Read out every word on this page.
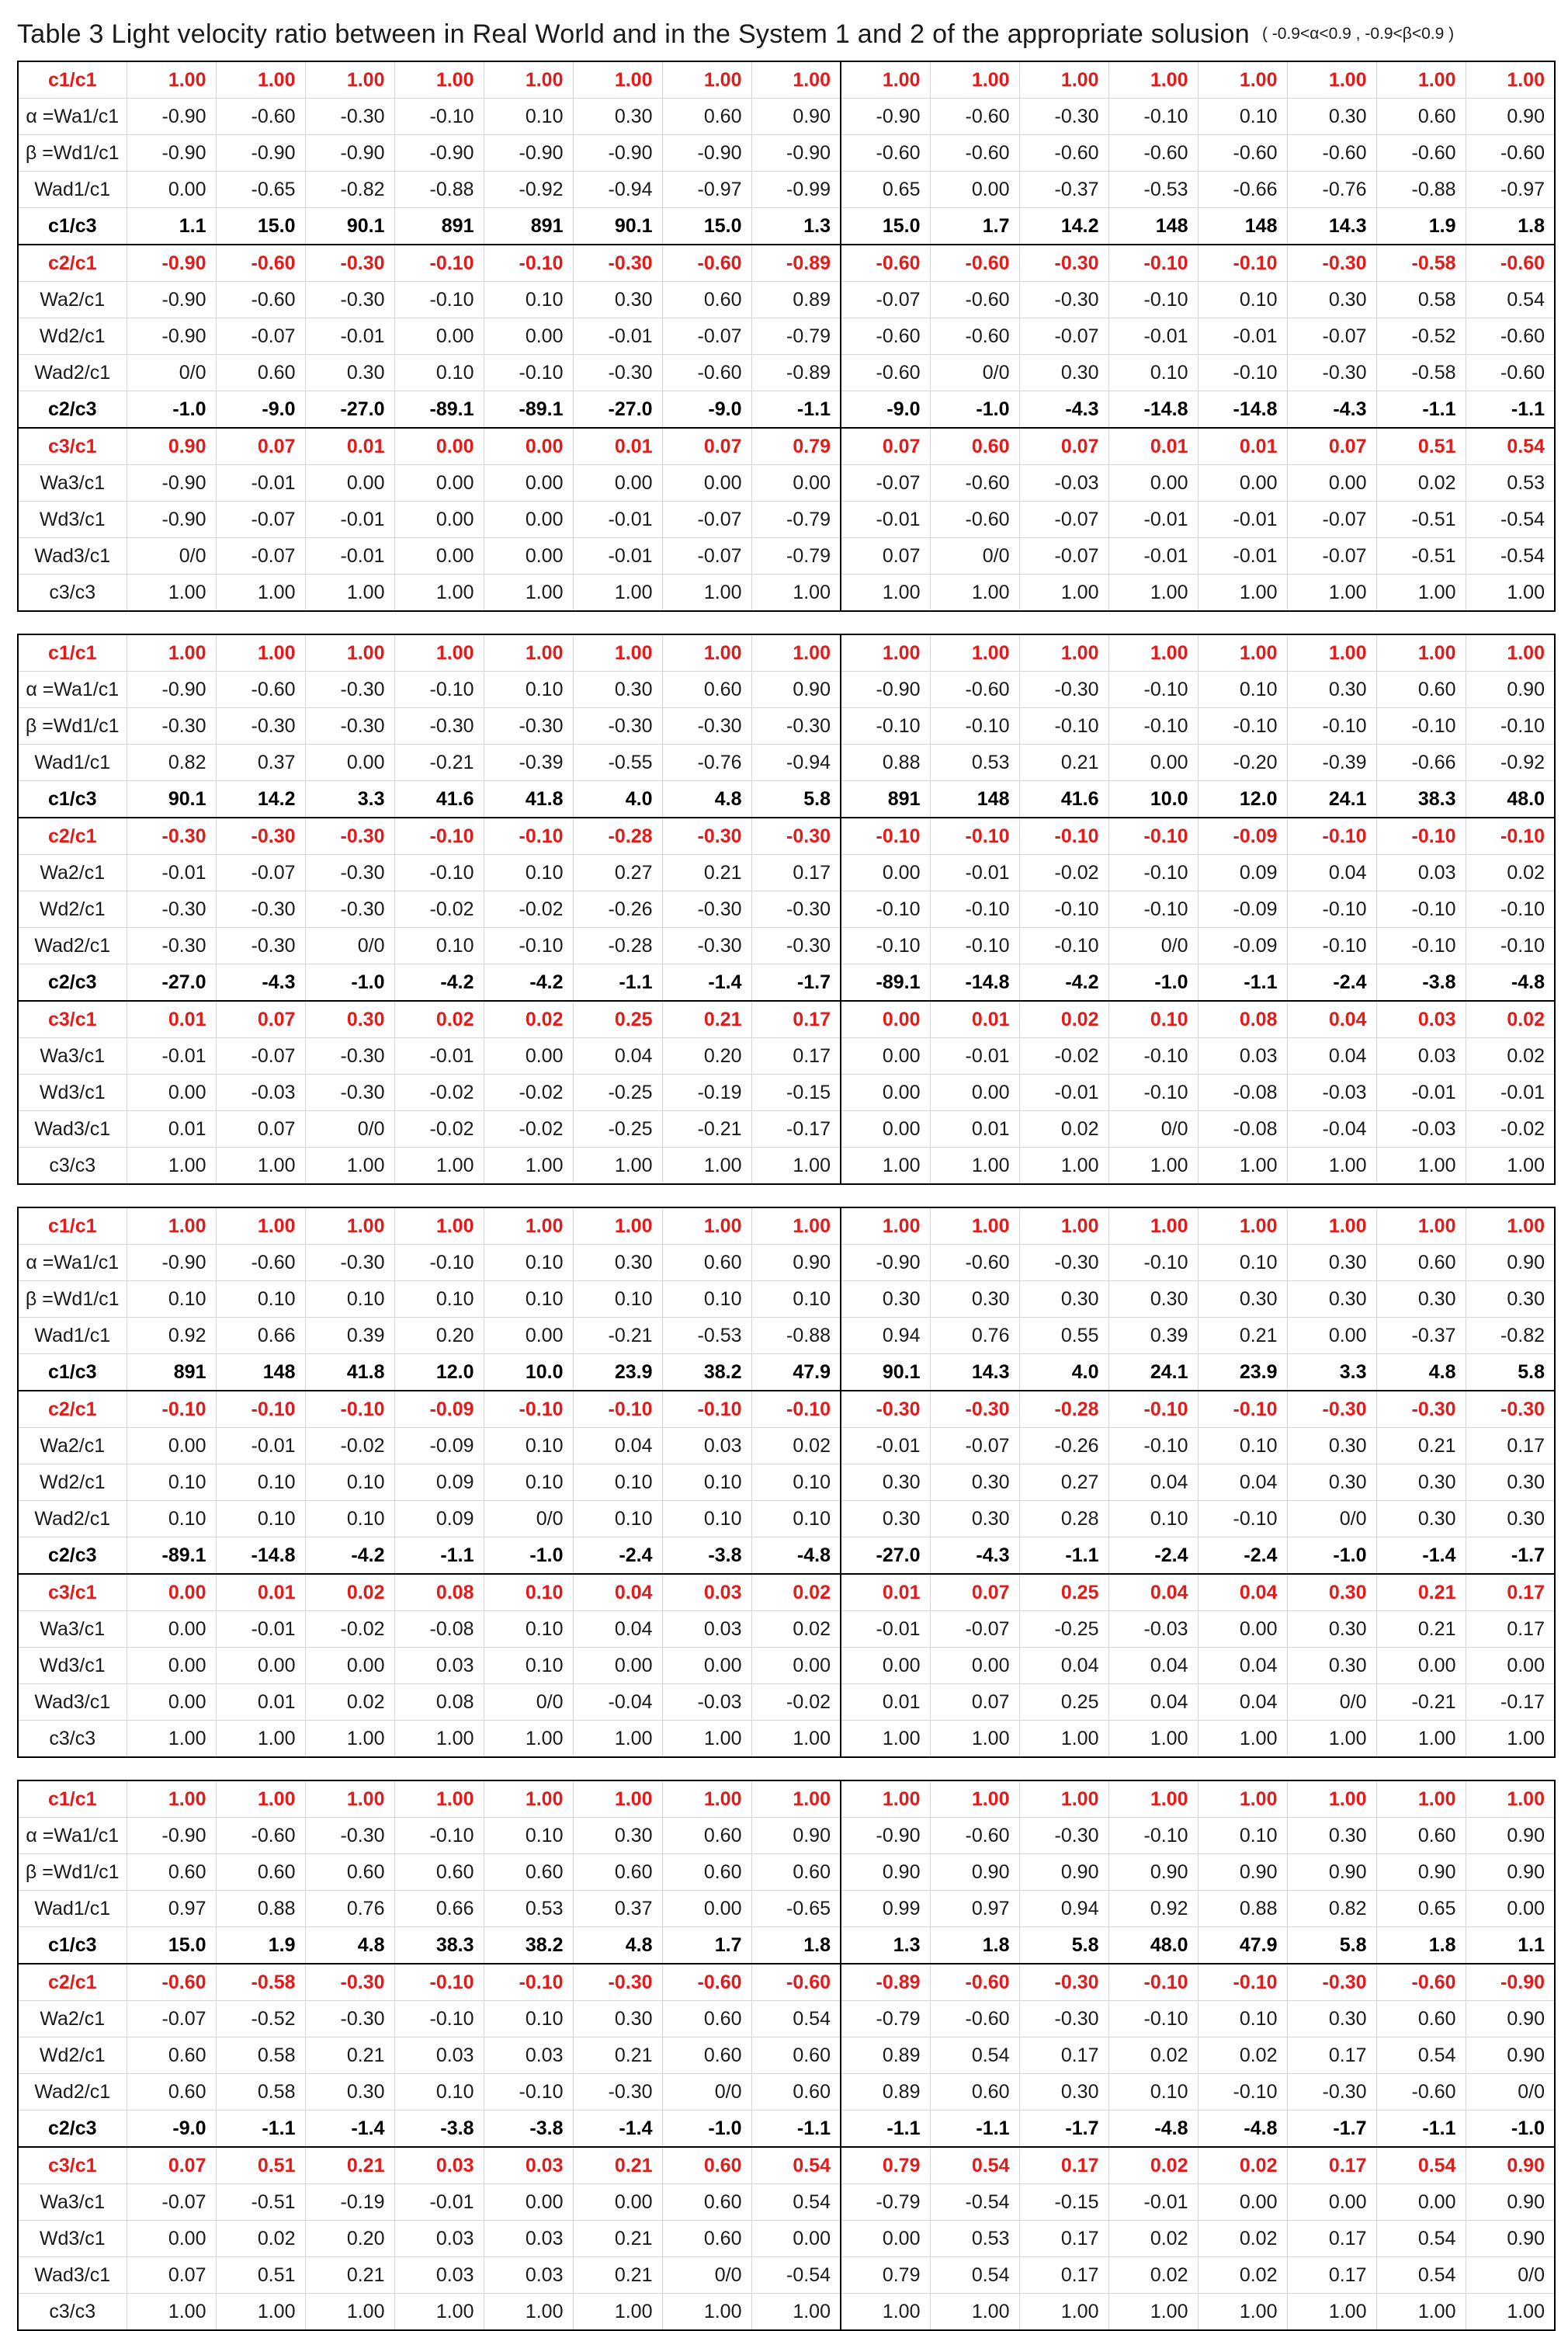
Table 3 Light velocity ratio between in Real World and in the System 1 and 2 of the appropriate solusion ( -0.9<α<0.9 , -0.9<β<0.9 )
c1/c1	1.00	1.00	1.00	1.00	1.00	1.00	1.00	1.00	1.00	1.00	1.00	1.00	1.00	1.00	1.00	1.00
α =Wa1/c1	-0.90	-0.60	-0.30	-0.10	0.10	0.30	0.60	0.90	-0.90	-0.60	-0.30	-0.10	0.10	0.30	0.60	0.90
β =Wd1/c1	-0.90	-0.90	-0.90	-0.90	-0.90	-0.90	-0.90	-0.90	-0.60	-0.60	-0.60	-0.60	-0.60	-0.60	-0.60	-0.60
Wad1/c1	0.00	-0.65	-0.82	-0.88	-0.92	-0.94	-0.97	-0.99	0.65	0.00	-0.37	-0.53	-0.66	-0.76	-0.88	-0.97
c1/c3	1.1	15.0	90.1	891	891	90.1	15.0	1.3	15.0	1.7	14.2	148	148	14.3	1.9	1.8
c2/c1	-0.90	-0.60	-0.30	-0.10	-0.10	-0.30	-0.60	-0.89	-0.60	-0.60	-0.30	-0.10	-0.10	-0.30	-0.58	-0.60
Wa2/c1	-0.90	-0.60	-0.30	-0.10	0.10	0.30	0.60	0.89	-0.07	-0.60	-0.30	-0.10	0.10	0.30	0.58	0.54
Wd2/c1	-0.90	-0.07	-0.01	0.00	0.00	-0.01	-0.07	-0.79	-0.60	-0.60	-0.07	-0.01	-0.01	-0.07	-0.52	-0.60
Wad2/c1	0/0	0.60	0.30	0.10	-0.10	-0.30	-0.60	-0.89	-0.60	0/0	0.30	0.10	-0.10	-0.30	-0.58	-0.60
c2/c3	-1.0	-9.0	-27.0	-89.1	-89.1	-27.0	-9.0	-1.1	-9.0	-1.0	-4.3	-14.8	-14.8	-4.3	-1.1	-1.1
c3/c1	0.90	0.07	0.01	0.00	0.00	0.01	0.07	0.79	0.07	0.60	0.07	0.01	0.01	0.07	0.51	0.54
Wa3/c1	-0.90	-0.01	0.00	0.00	0.00	0.00	0.00	0.00	-0.07	-0.60	-0.03	0.00	0.00	0.00	0.02	0.53
Wd3/c1	-0.90	-0.07	-0.01	0.00	0.00	-0.01	-0.07	-0.79	-0.01	-0.60	-0.07	-0.01	-0.01	-0.07	-0.51	-0.54
Wad3/c1	0/0	-0.07	-0.01	0.00	0.00	-0.01	-0.07	-0.79	0.07	0/0	-0.07	-0.01	-0.01	-0.07	-0.51	-0.54
c3/c3	1.00	1.00	1.00	1.00	1.00	1.00	1.00	1.00	1.00	1.00	1.00	1.00	1.00	1.00	1.00	1.00
c1/c1	1.00	1.00	1.00	1.00	1.00	1.00	1.00	1.00	1.00	1.00	1.00	1.00	1.00	1.00	1.00	1.00
α =Wa1/c1	-0.90	-0.60	-0.30	-0.10	0.10	0.30	0.60	0.90	-0.90	-0.60	-0.30	-0.10	0.10	0.30	0.60	0.90
β =Wd1/c1	-0.30	-0.30	-0.30	-0.30	-0.30	-0.30	-0.30	-0.30	-0.10	-0.10	-0.10	-0.10	-0.10	-0.10	-0.10	-0.10
Wad1/c1	0.82	0.37	0.00	-0.21	-0.39	-0.55	-0.76	-0.94	0.88	0.53	0.21	0.00	-0.20	-0.39	-0.66	-0.92
c1/c3	90.1	14.2	3.3	41.6	41.8	4.0	4.8	5.8	891	148	41.6	10.0	12.0	24.1	38.3	48.0
c2/c1	-0.30	-0.30	-0.30	-0.10	-0.10	-0.28	-0.30	-0.30	-0.10	-0.10	-0.10	-0.10	-0.09	-0.10	-0.10	-0.10
Wa2/c1	-0.01	-0.07	-0.30	-0.10	0.10	0.27	0.21	0.17	0.00	-0.01	-0.02	-0.10	0.09	0.04	0.03	0.02
Wd2/c1	-0.30	-0.30	-0.30	-0.02	-0.02	-0.26	-0.30	-0.30	-0.10	-0.10	-0.10	-0.10	-0.09	-0.10	-0.10	-0.10
Wad2/c1	-0.30	-0.30	0/0	0.10	-0.10	-0.28	-0.30	-0.30	-0.10	-0.10	-0.10	0/0	-0.09	-0.10	-0.10	-0.10
c2/c3	-27.0	-4.3	-1.0	-4.2	-4.2	-1.1	-1.4	-1.7	-89.1	-14.8	-4.2	-1.0	-1.1	-2.4	-3.8	-4.8
c3/c1	0.01	0.07	0.30	0.02	0.02	0.25	0.21	0.17	0.00	0.01	0.02	0.10	0.08	0.04	0.03	0.02
Wa3/c1	-0.01	-0.07	-0.30	-0.01	0.00	0.04	0.20	0.17	0.00	-0.01	-0.02	-0.10	0.03	0.04	0.03	0.02
Wd3/c1	0.00	-0.03	-0.30	-0.02	-0.02	-0.25	-0.19	-0.15	0.00	0.00	-0.01	-0.10	-0.08	-0.03	-0.01	-0.01
Wad3/c1	0.01	0.07	0/0	-0.02	-0.02	-0.25	-0.21	-0.17	0.00	0.01	0.02	0/0	-0.08	-0.04	-0.03	-0.02
c3/c3	1.00	1.00	1.00	1.00	1.00	1.00	1.00	1.00	1.00	1.00	1.00	1.00	1.00	1.00	1.00	1.00
c1/c1	1.00	1.00	1.00	1.00	1.00	1.00	1.00	1.00	1.00	1.00	1.00	1.00	1.00	1.00	1.00	1.00
α =Wa1/c1	-0.90	-0.60	-0.30	-0.10	0.10	0.30	0.60	0.90	-0.90	-0.60	-0.30	-0.10	0.10	0.30	0.60	0.90
β =Wd1/c1	0.10	0.10	0.10	0.10	0.10	0.10	0.10	0.10	0.30	0.30	0.30	0.30	0.30	0.30	0.30	0.30
Wad1/c1	0.92	0.66	0.39	0.20	0.00	-0.21	-0.53	-0.88	0.94	0.76	0.55	0.39	0.21	0.00	-0.37	-0.82
c1/c3	891	148	41.8	12.0	10.0	23.9	38.2	47.9	90.1	14.3	4.0	24.1	23.9	3.3	4.8	5.8
c2/c1	-0.10	-0.10	-0.10	-0.09	-0.10	-0.10	-0.10	-0.10	-0.30	-0.30	-0.28	-0.10	-0.10	-0.30	-0.30	-0.30
Wa2/c1	0.00	-0.01	-0.02	-0.09	0.10	0.04	0.03	0.02	-0.01	-0.07	-0.26	-0.10	0.10	0.30	0.21	0.17
Wd2/c1	0.10	0.10	0.10	0.09	0.10	0.10	0.10	0.10	0.30	0.30	0.27	0.04	0.04	0.30	0.30	0.30
Wad2/c1	0.10	0.10	0.10	0.09	0/0	0.10	0.10	0.10	0.30	0.30	0.28	0.10	-0.10	0/0	0.30	0.30
c2/c3	-89.1	-14.8	-4.2	-1.1	-1.0	-2.4	-3.8	-4.8	-27.0	-4.3	-1.1	-2.4	-2.4	-1.0	-1.4	-1.7
c3/c1	0.00	0.01	0.02	0.08	0.10	0.04	0.03	0.02	0.01	0.07	0.25	0.04	0.04	0.30	0.21	0.17
Wa3/c1	0.00	-0.01	-0.02	-0.08	0.10	0.04	0.03	0.02	-0.01	-0.07	-0.25	-0.03	0.00	0.30	0.21	0.17
Wd3/c1	0.00	0.00	0.00	0.03	0.10	0.00	0.00	0.00	0.00	0.00	0.04	0.04	0.04	0.30	0.00	0.00
Wad3/c1	0.00	0.01	0.02	0.08	0/0	-0.04	-0.03	-0.02	0.01	0.07	0.25	0.04	0.04	0/0	-0.21	-0.17
c3/c3	1.00	1.00	1.00	1.00	1.00	1.00	1.00	1.00	1.00	1.00	1.00	1.00	1.00	1.00	1.00	1.00
c1/c1	1.00	1.00	1.00	1.00	1.00	1.00	1.00	1.00	1.00	1.00	1.00	1.00	1.00	1.00	1.00	1.00
α =Wa1/c1	-0.90	-0.60	-0.30	-0.10	0.10	0.30	0.60	0.90	-0.90	-0.60	-0.30	-0.10	0.10	0.30	0.60	0.90
β =Wd1/c1	0.60	0.60	0.60	0.60	0.60	0.60	0.60	0.60	0.90	0.90	0.90	0.90	0.90	0.90	0.90	0.90
Wad1/c1	0.97	0.88	0.76	0.66	0.53	0.37	0.00	-0.65	0.99	0.97	0.94	0.92	0.88	0.82	0.65	0.00
c1/c3	15.0	1.9	4.8	38.3	38.2	4.8	1.7	1.8	1.3	1.8	5.8	48.0	47.9	5.8	1.8	1.1
c2/c1	-0.60	-0.58	-0.30	-0.10	-0.10	-0.30	-0.60	-0.60	-0.89	-0.60	-0.30	-0.10	-0.10	-0.30	-0.60	-0.90
Wa2/c1	-0.07	-0.52	-0.30	-0.10	0.10	0.30	0.60	0.54	-0.79	-0.60	-0.30	-0.10	0.10	0.30	0.60	0.90
Wd2/c1	0.60	0.58	0.21	0.03	0.03	0.21	0.60	0.60	0.89	0.54	0.17	0.02	0.02	0.17	0.54	0.90
Wad2/c1	0.60	0.58	0.30	0.10	-0.10	-0.30	0/0	0.60	0.89	0.60	0.30	0.10	-0.10	-0.30	-0.60	0/0
c2/c3	-9.0	-1.1	-1.4	-3.8	-3.8	-1.4	-1.0	-1.1	-1.1	-1.1	-1.7	-4.8	-4.8	-1.7	-1.1	-1.0
c3/c1	0.07	0.51	0.21	0.03	0.03	0.21	0.60	0.54	0.79	0.54	0.17	0.02	0.02	0.17	0.54	0.90
Wa3/c1	-0.07	-0.51	-0.19	-0.01	0.00	0.00	0.60	0.54	-0.79	-0.54	-0.15	-0.01	0.00	0.00	0.00	0.90
Wd3/c1	0.00	0.02	0.20	0.03	0.03	0.21	0.60	0.00	0.00	0.53	0.17	0.02	0.02	0.17	0.54	0.90
Wad3/c1	0.07	0.51	0.21	0.03	0.03	0.21	0/0	-0.54	0.79	0.54	0.17	0.02	0.02	0.17	0.54	0/0
c3/c3	1.00	1.00	1.00	1.00	1.00	1.00	1.00	1.00	1.00	1.00	1.00	1.00	1.00	1.00	1.00	1.00
